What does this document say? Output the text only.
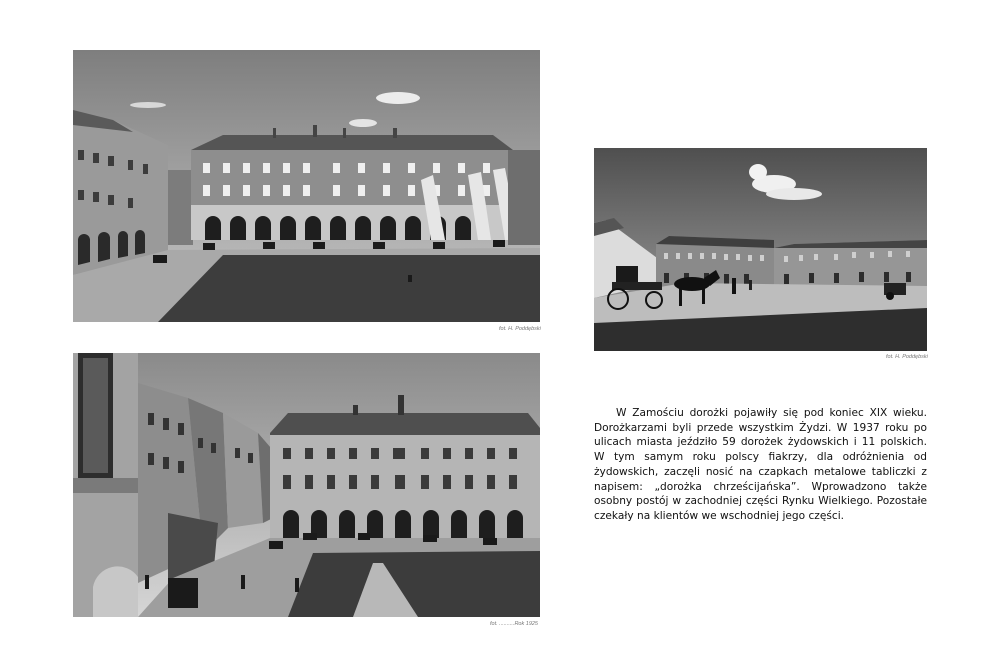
fot. H. Poddębski
fot. ..........Rok 1925
fot. H. Poddębski

W Zamościu dorożki pojawiły się pod koniec XIX wieku. Dorożkarzami byli przede wszystkim Żydzi. W 1937 roku po ulicach miasta jeździło 59 dorożek żydowskich i 11 polskich. W tym samym roku polscy fiakrzy, dla odróżnienia od żydowskich, zaczęli nosić na czapkach metalowe tabliczki z napisem: „dorożka chrześcijańska”. Wprowadzono także osobny postój w zachodniej części Rynku Wielkiego. Pozostałe czekały na klientów we wschodniej jego części.
